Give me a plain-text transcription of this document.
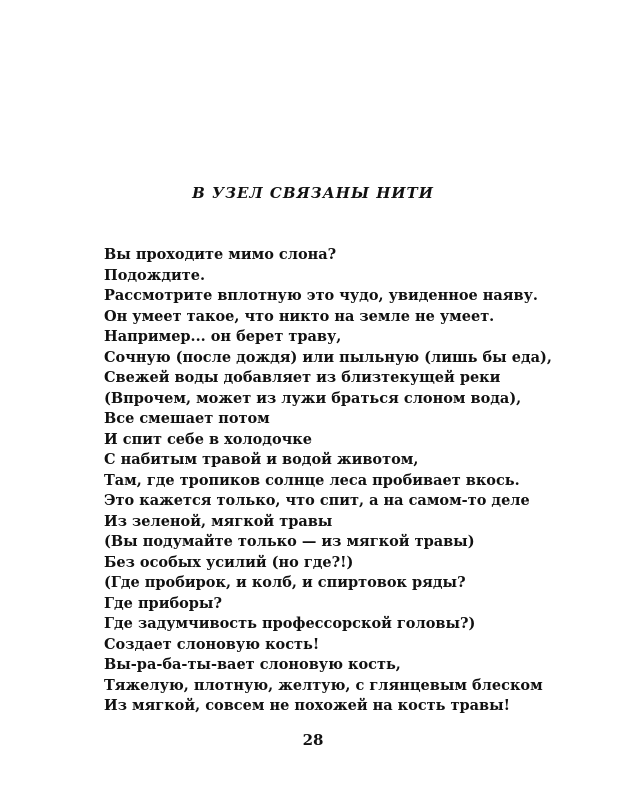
В УЗЕЛ СВЯЗАНЫ НИТИ
Вы проходите мимо слона?
Подождите.
Рассмотрите вплотную это чудо, увиденное наяву.
Он умеет такое, что никто на земле не умеет.
Например... он берет траву,
Сочную (после дождя) или пыльную (лишь бы еда),
Свежей воды добавляет из близтекущей реки
(Впрочем, может из лужи браться слоном вода),
Все смешает потом
И спит себе в холодочке
С набитым травой и водой животом,
Там, где тропиков солнце леса пробивает вкось.
Это кажется только, что спит, а на самом-то деле
Из зеленой, мягкой травы
(Вы подумайте только — из мягкой травы)
Без особых усилий (но где?!)
(Где пробирок, и колб, и спиртовок ряды?
Где приборы?
Где задумчивость профессорской головы?)
Создает слоновую кость!
Вы-ра-ба-ты-вает слоновую кость,
Тяжелую, плотную, желтую, с глянцевым блеском
Из мягкой, совсем не похожей на кость травы!
28
